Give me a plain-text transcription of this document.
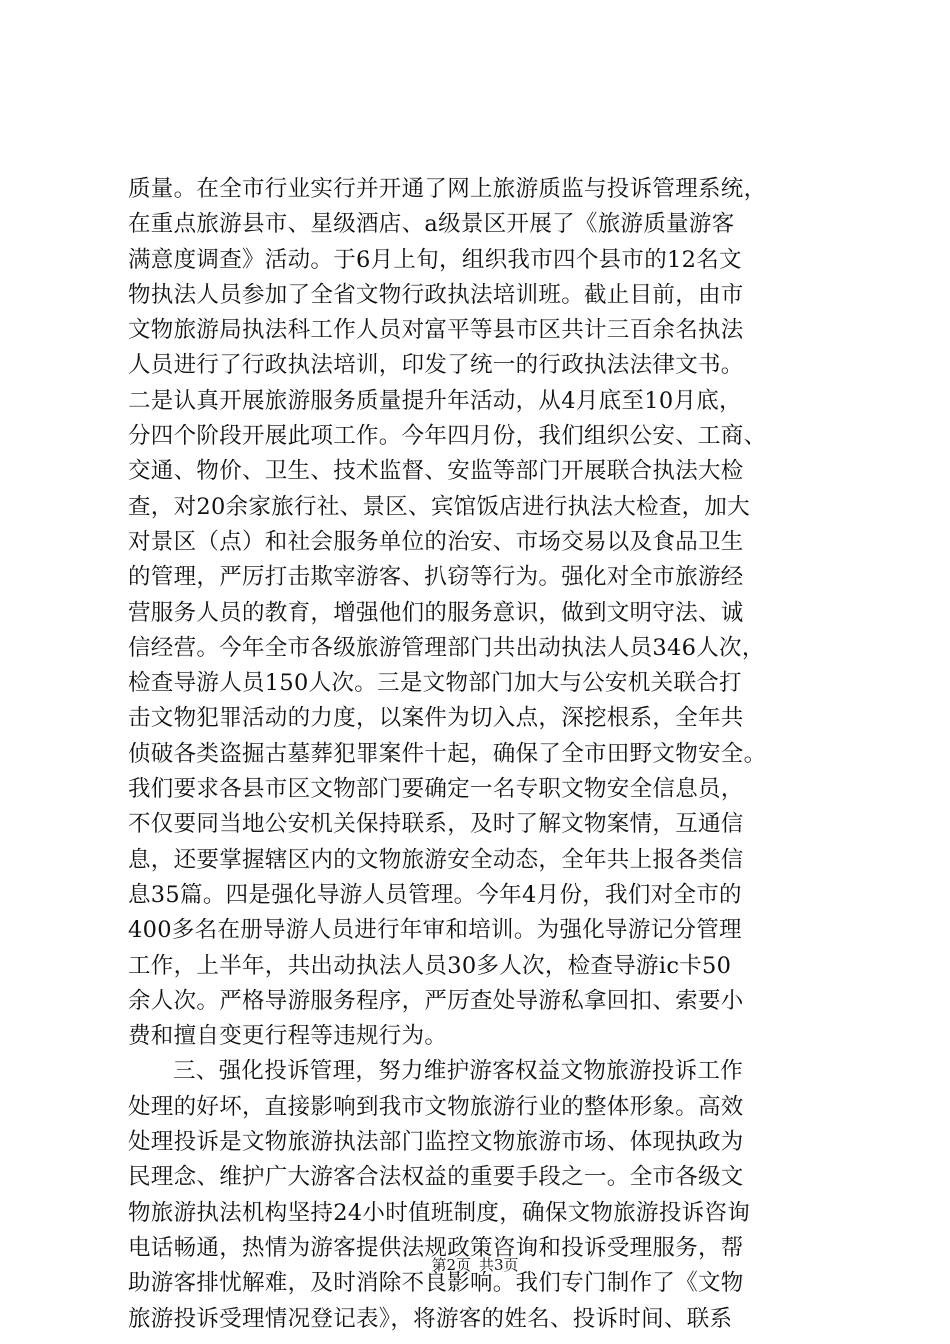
质量。在全市行业实行并开通了网上旅游质监与投诉管理系统，
在重点旅游县市、星级酒店、a级景区开展了《旅游质量游客
满意度调查》活动。于6月上旬，组织我市四个县市的12名文
物执法人员参加了全省文物行政执法培训班。截止目前，由市
文物旅游局执法科工作人员对富平等县市区共计三百余名执法
人员进行了行政执法培训，印发了统一的行政执法法律文书。
二是认真开展旅游服务质量提升年活动，从4月底至10月底，
分四个阶段开展此项工作。今年四月份，我们组织公安、工商、
交通、物价、卫生、技术监督、安监等部门开展联合执法大检
查，对20余家旅行社、景区、宾馆饭店进行执法大检查，加大
对景区（点）和社会服务单位的治安、市场交易以及食品卫生
的管理，严厉打击欺宰游客、扒窃等行为。强化对全市旅游经
营服务人员的教育，增强他们的服务意识，做到文明守法、诚
信经营。今年全市各级旅游管理部门共出动执法人员346人次，
检查导游人员150人次。三是文物部门加大与公安机关联合打
击文物犯罪活动的力度，以案件为切入点，深挖根系，全年共
侦破各类盗掘古墓葬犯罪案件十起，确保了全市田野文物安全。
我们要求各县市区文物部门要确定一名专职文物安全信息员，
不仅要同当地公安机关保持联系，及时了解文物案情，互通信
息，还要掌握辖区内的文物旅游安全动态，全年共上报各类信
息35篇。四是强化导游人员管理。今年4月份，我们对全市的
400多名在册导游人员进行年审和培训。为强化导游记分管理
工作，上半年，共出动执法人员30多人次，检查导游ic卡50
余人次。严格导游服务程序，严厉查处导游私拿回扣、索要小
费和擅自变更行程等违规行为。
三、强化投诉管理，努力维护游客权益文物旅游投诉工作
处理的好坏，直接影响到我市文物旅游行业的整体形象。高效
处理投诉是文物旅游执法部门监控文物旅游市场、体现执政为
民理念、维护广大游客合法权益的重要手段之一。全市各级文
物旅游执法机构坚持24小时值班制度，确保文物旅游投诉咨询
电话畅通，热情为游客提供法规政策咨询和投诉受理服务，帮
助游客排忧解难，及时消除不良影响。我们专门制作了《文物
旅游投诉受理情况登记表》，将游客的姓名、投诉时间、联系
第2页 共3页
